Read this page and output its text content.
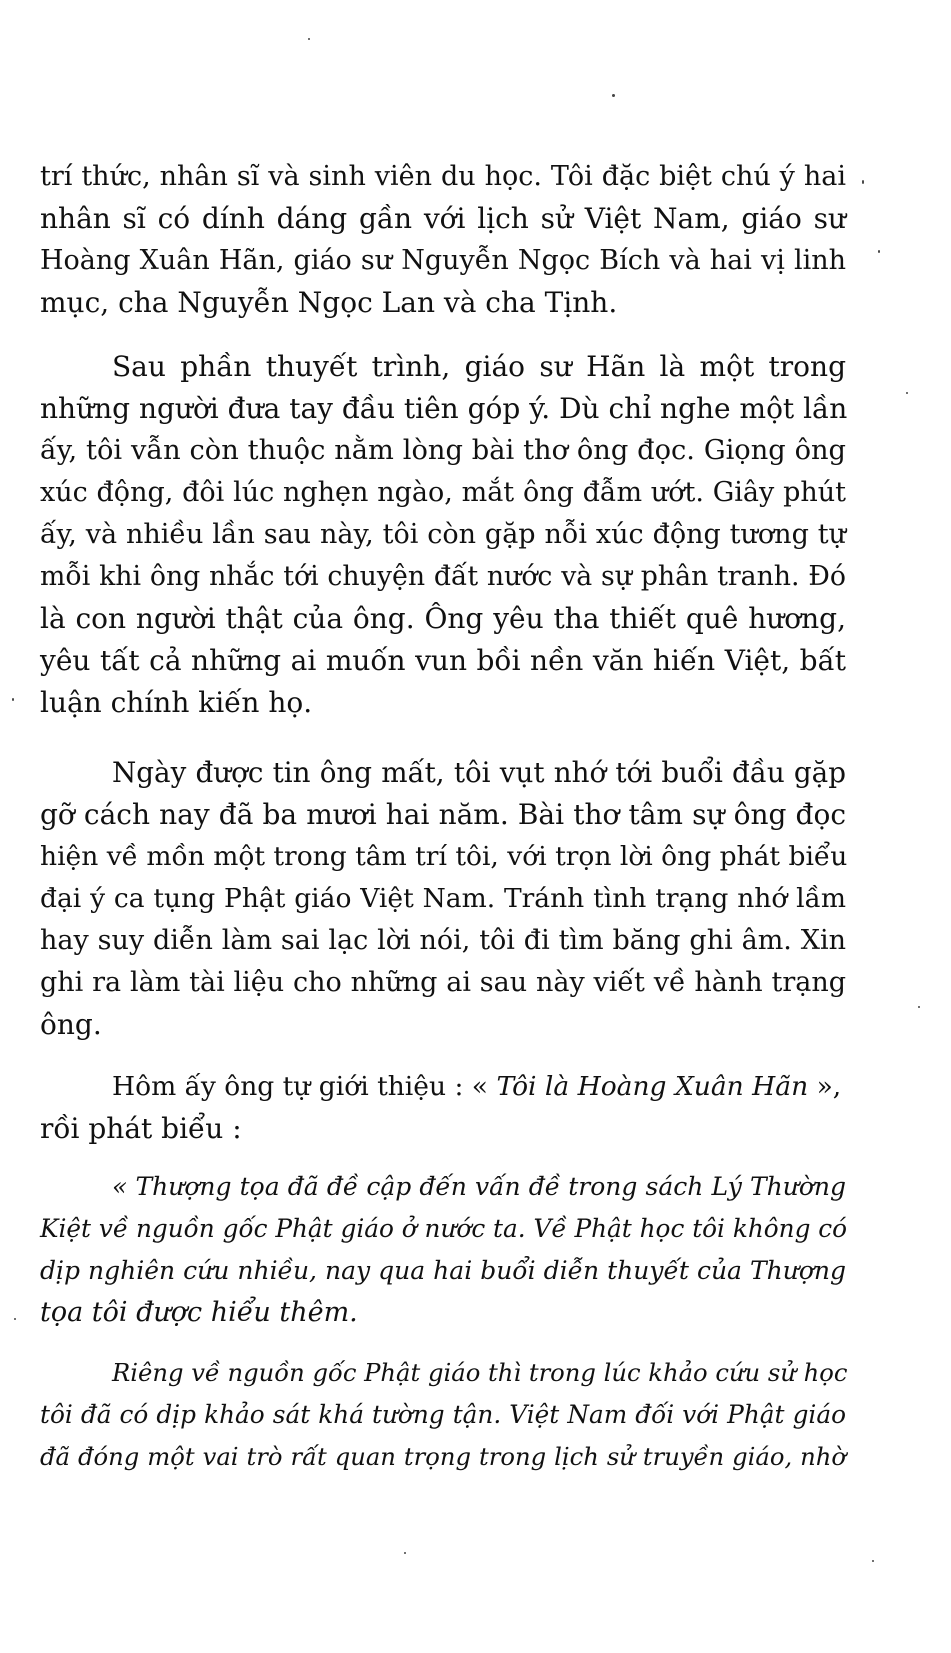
trí thức, nhân sĩ và sinh viên du học. Tôi đặc biệt chú ý hai
nhân sĩ có dính dáng gần với lịch sử Việt Nam, giáo sư
Hoàng Xuân Hãn, giáo sư Nguyễn Ngọc Bích và hai vị linh
mục, cha Nguyễn Ngọc Lan và cha Tịnh.
Sau phần thuyết trình, giáo sư Hãn là một trong
những người đưa tay đầu tiên góp ý. Dù chỉ nghe một lần
ấy, tôi vẫn còn thuộc nằm lòng bài thơ ông đọc. Giọng ông
xúc động, đôi lúc nghẹn ngào, mắt ông đẫm ướt. Giây phút
ấy, và nhiều lần sau này, tôi còn gặp nỗi xúc động tương tự
mỗi khi ông nhắc tới chuyện đất nước và sự phân tranh. Đó
là con người thật của ông. Ông yêu tha thiết quê hương,
yêu tất cả những ai muốn vun bồi nền văn hiến Việt, bất
luận chính kiến họ.
Ngày được tin ông mất, tôi vụt nhớ tới buổi đầu gặp
gỡ cách nay đã ba mươi hai năm. Bài thơ tâm sự ông đọc
hiện về mồn một trong tâm trí tôi, với trọn lời ông phát biểu
đại ý ca tụng Phật giáo Việt Nam. Tránh tình trạng nhớ lầm
hay suy diễn làm sai lạc lời nói, tôi đi tìm băng ghi âm. Xin
ghi ra làm tài liệu cho những ai sau này viết về hành trạng
ông.
Hôm ấy ông tự giới thiệu : « Tôi là Hoàng Xuân Hãn »,
rồi phát biểu :
« Thượng tọa đã đề cập đến vấn đề trong sách Lý Thường
Kiệt về nguồn gốc Phật giáo ở nước ta. Về Phật học tôi không có
dịp nghiên cứu nhiều, nay qua hai buổi diễn thuyết của Thượng
tọa tôi được hiểu thêm.
Riêng về nguồn gốc Phật giáo thì trong lúc khảo cứu sử học
tôi đã có dịp khảo sát khá tường tận. Việt Nam đối với Phật giáo
đã đóng một vai trò rất quan trọng trong lịch sử truyền giáo, nhờ
